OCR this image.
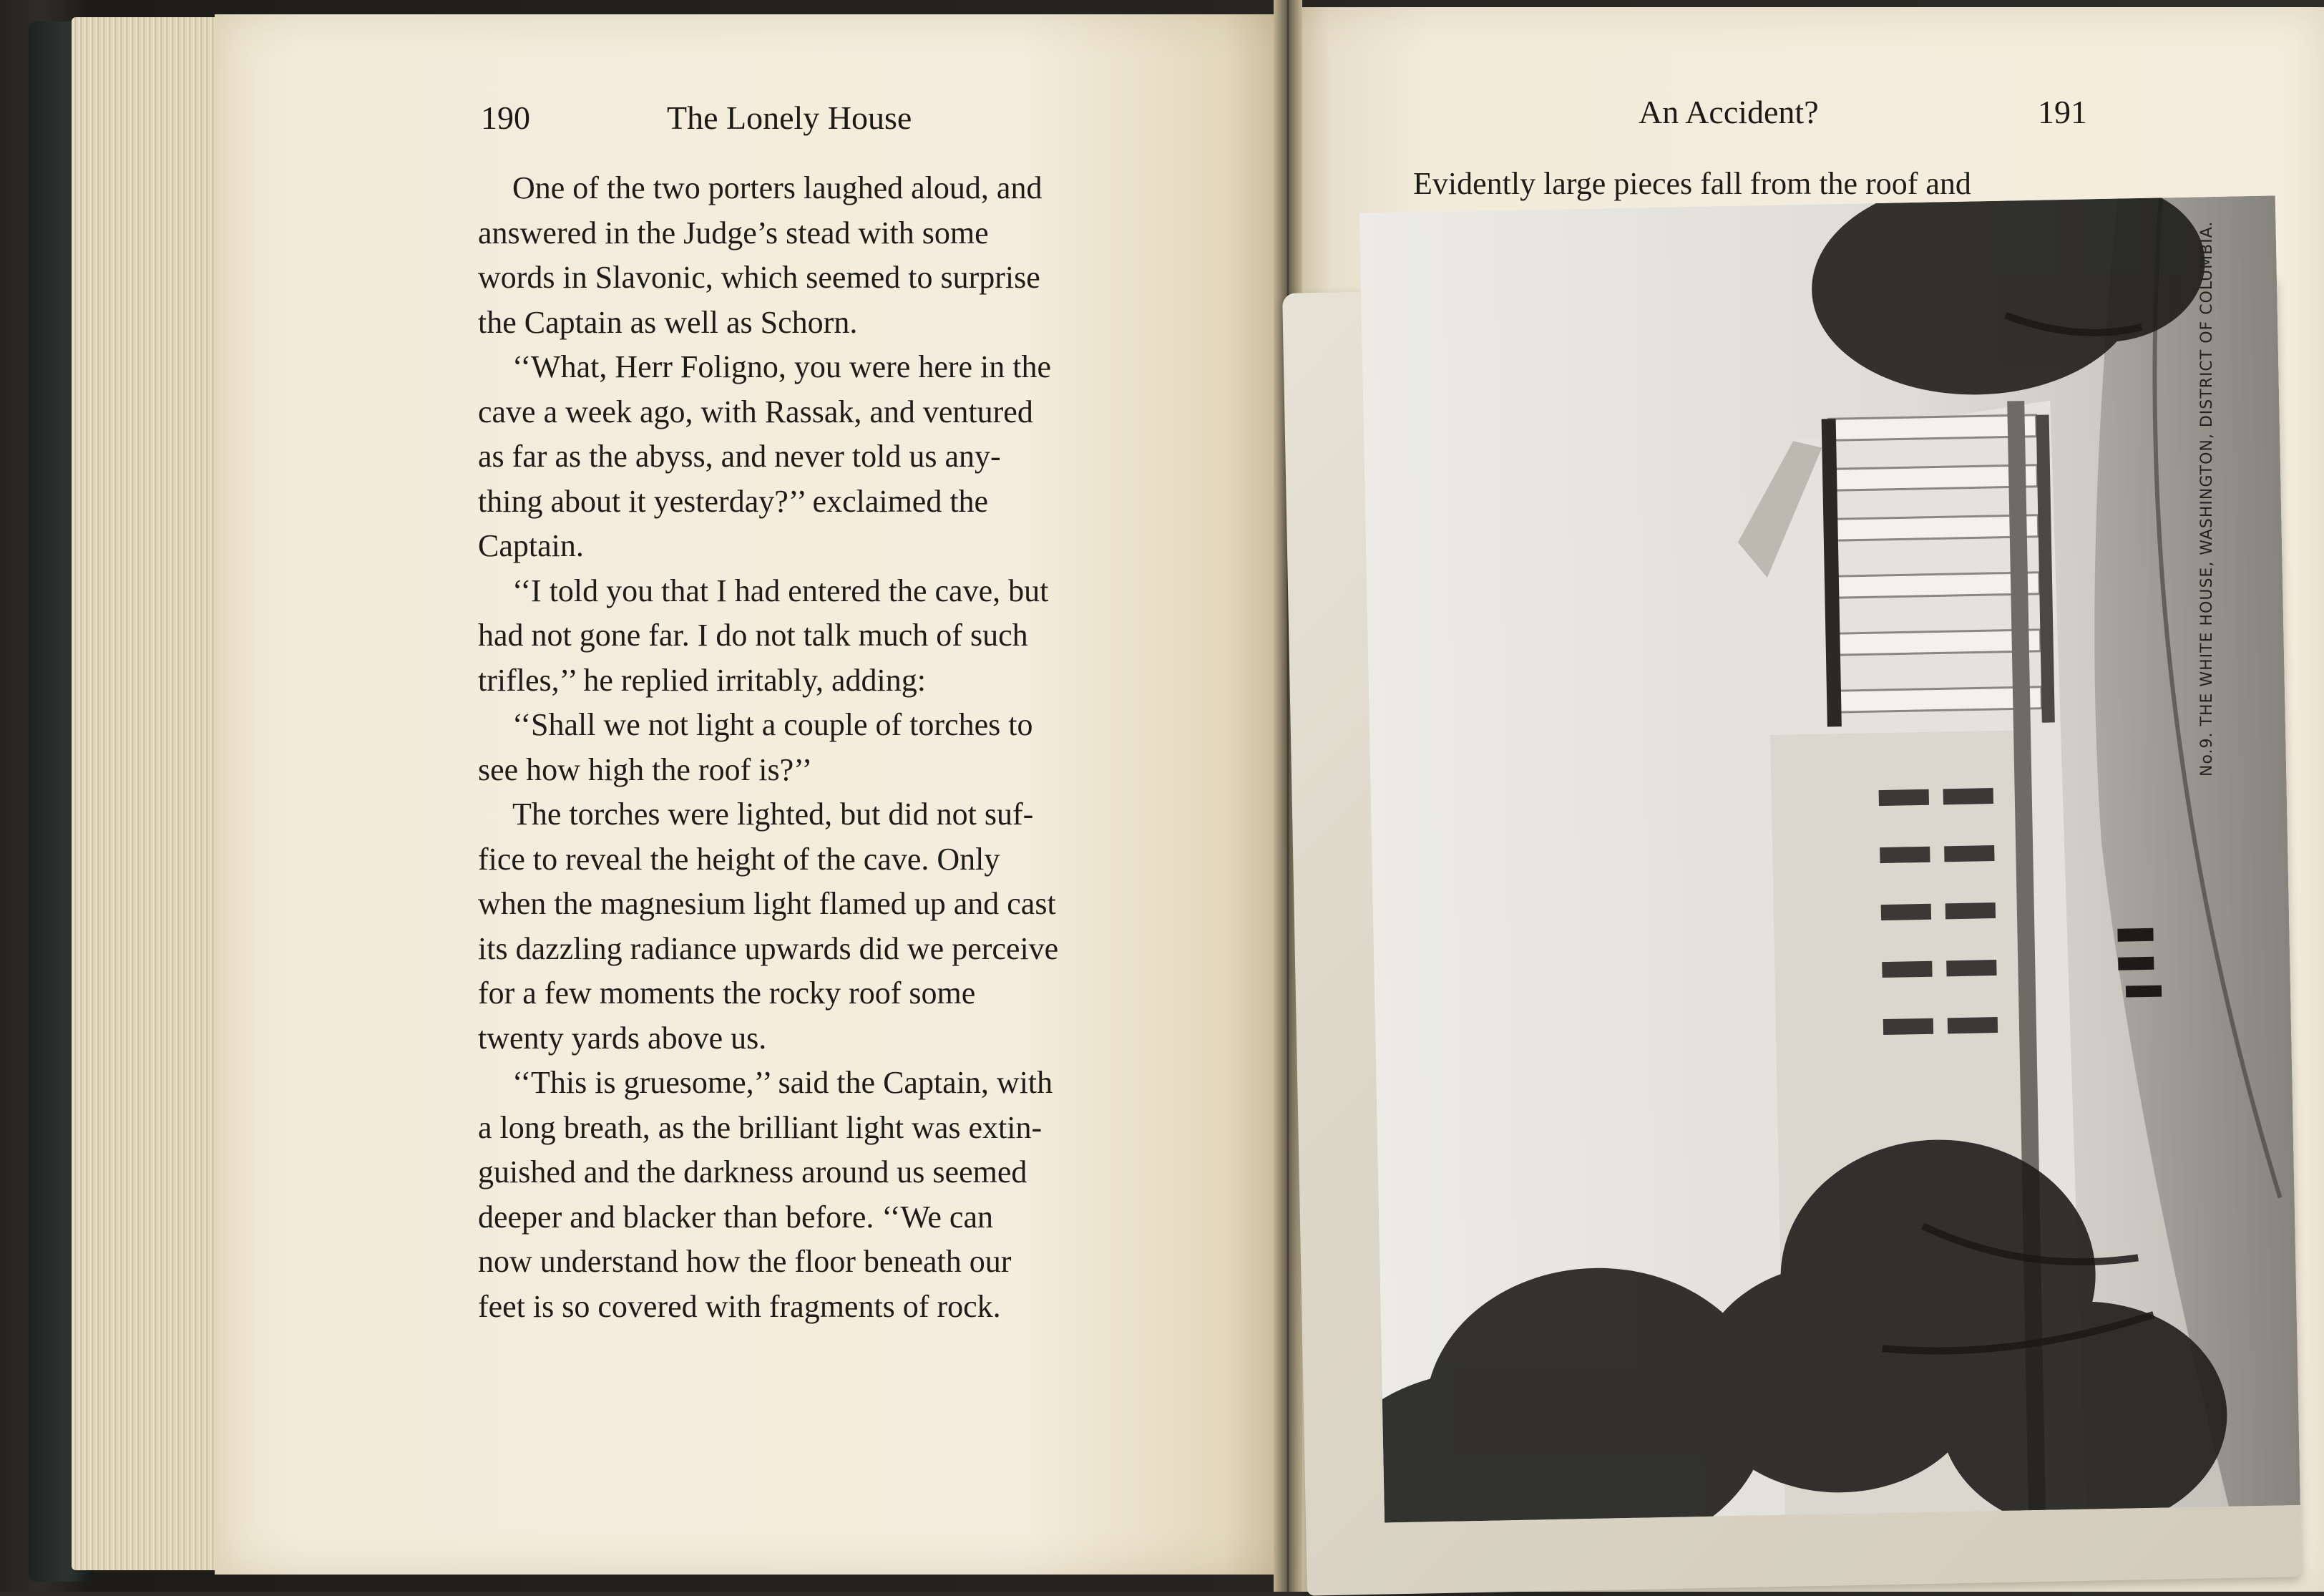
190	The Lonely House
One of the two porters laughed aloud, and
answered in the Judge’s stead with some
words in Slavonic, which seemed to surprise
the Captain as well as Schorn.
‘‘What, Herr Foligno, you were here in the
cave a week ago, with Rassak, and ventured
as far as the abyss, and never told us any-
thing about it yesterday?’’ exclaimed the
Captain.
‘‘I told you that I had entered the cave, but
had not gone far. I do not talk much of such
trifles,’’ he replied irritably, adding:
‘‘Shall we not light a couple of torches to
see how high the roof is?’’
The torches were lighted, but did not suf-
fice to reveal the height of the cave. Only
when the magnesium light flamed up and cast
its dazzling radiance upwards did we perceive
for a few moments the rocky roof some
twenty yards above us.
‘‘This is gruesome,’’ said the Captain, with
a long breath, as the brilliant light was extin-
guished and the darkness around us seemed
deeper and blacker than before. ‘‘We can
now understand how the floor beneath our
feet is so covered with fragments of rock.
An Accident?	191

Evidently large pieces fall from the roof and

No.9. THE WHITE HOUSE, WASHINGTON, DISTRICT OF COLUMBIA.
